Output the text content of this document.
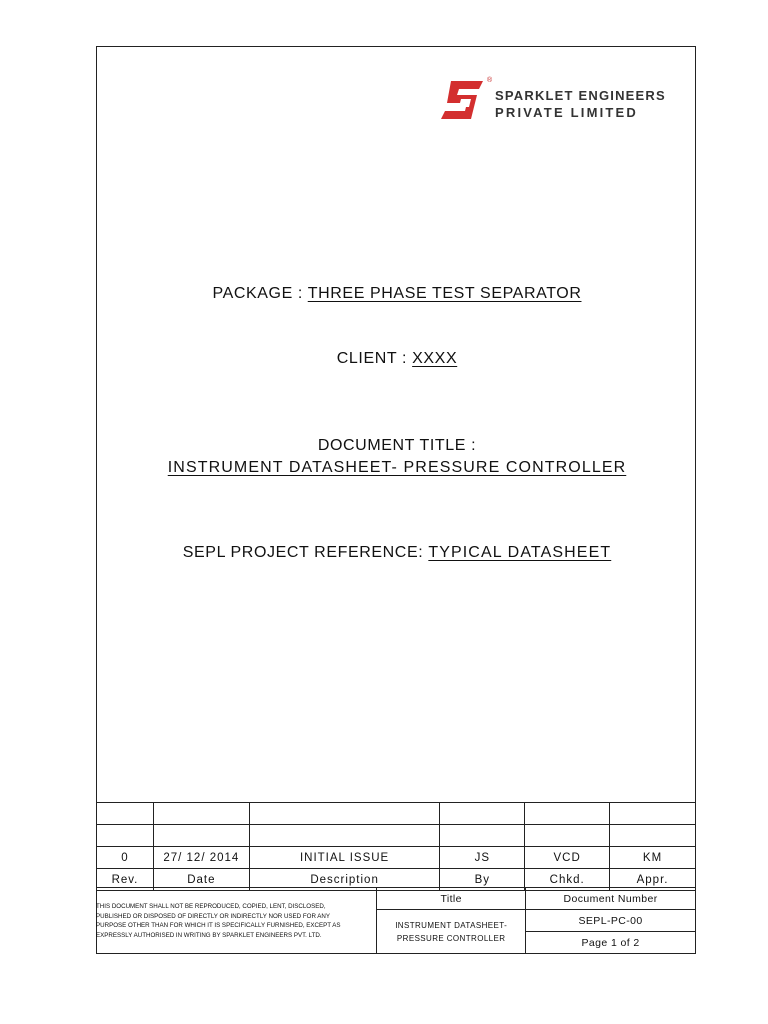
®
SPARKLET ENGINEERS
PRIVATE LIMITED
PACKAGE : THREE PHASE TEST SEPARATOR
CLIENT : XXXX
DOCUMENT TITLE :
INSTRUMENT DATASHEET- PRESSURE CONTROLLER
SEPL PROJECT REFERENCE: TYPICAL DATASHEET

0	27/ 12/ 2014	INITIAL ISSUE	JS	VCD	KM
Rev.	Date	Description	By	Chkd.	Appr.
THIS DOCUMENT SHALL NOT BE REPRODUCED, COPIED, LENT, DISCLOSED,
PUBLISHED OR DISPOSED OF DIRECTLY OR INDIRECTLY NOR USED FOR ANY
PURPOSE OTHER THAN FOR WHICH IT IS SPECIFICALLY FURNISHED, EXCEPT AS
EXPRESSLY AUTHORISED IN WRITING BY SPARKLET ENGINEERS PVT. LTD.	Title	Document Number

	INSTRUMENT DATASHEET-
PRESSURE CONTROLLER	SEPL-PC-00
		Page 1 of 2
